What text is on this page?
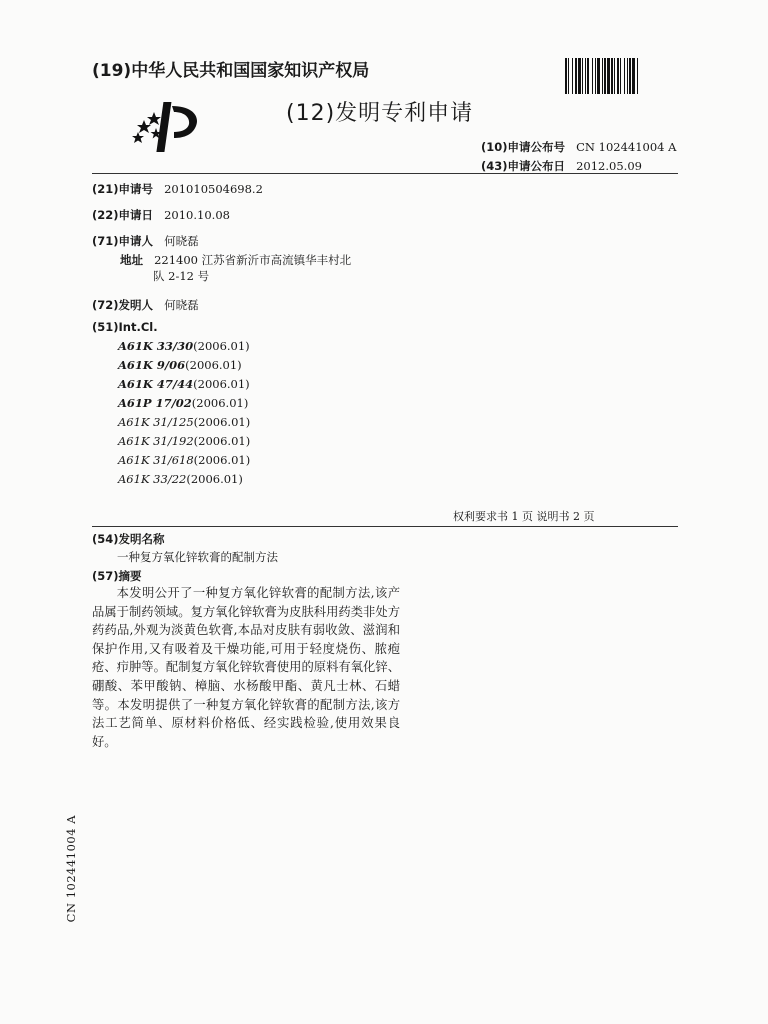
(19)中华人民共和国国家知识产权局
(12)发明专利申请
(10)申请公布号 CN 102441004 A
(43)申请公布日 2012.05.09
(21)申请号 201010504698.2
(22)申请日 2010.10.08
(71)申请人 何晓磊
地址 221400 江苏省新沂市高流镇华丰村北
队 2-12 号
(72)发明人 何晓磊
(51)Int.Cl.
A61K 33/30(2006.01)
A61K 9/06(2006.01)
A61K 47/44(2006.01)
A61P 17/02(2006.01)
A61K 31/125(2006.01)
A61K 31/192(2006.01)
A61K 31/618(2006.01)
A61K 33/22(2006.01)
权利要求书 1 页 说明书 2 页
(54)发明名称
一种复方氧化锌软膏的配制方法
(57)摘要
本发明公开了一种复方氧化锌软膏的配制方法,该产品属于制药领域。复方氧化锌软膏为皮肤科用药类非处方药药品,外观为淡黄色软膏,本品对皮肤有弱收敛、滋润和保护作用,又有吸着及干燥功能,可用于轻度烧伤、脓疱疮、疖肿等。配制复方氧化锌软膏使用的原料有氧化锌、硼酸、苯甲酸钠、樟脑、水杨酸甲酯、黄凡士林、石蜡等。本发明提供了一种复方氧化锌软膏的配制方法,该方法工艺简单、原材料价格低、经实践检验,使用效果良好。
CN 102441004 A
